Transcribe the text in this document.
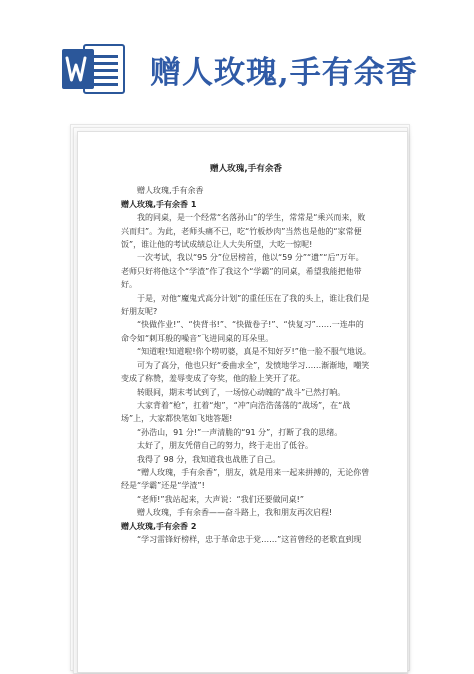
赠人玫瑰,手有余香
赠人玫瑰,手有余香

赠人玫瑰,手有余香

赠人玫瑰,手有余香 1

我的同桌，是一个经常“名落孙山”的学生，常常是“乘兴而来，败兴而归”。为此，老师头痛不已，吃“竹板炒肉”当然也是他的“家常便饭”，谁让他的考试成绩总让人大失所望，大吃一惊呢!

一次考试，我以“95 分”位居榜首，他以“59 分”“遗”“后”万年。老师只好将他这个“学渣”作了我这个“学霸”的同桌，希望我能把他带好。

于是，对他“魔鬼式高分计划”的重任压在了我的头上，谁让我们是好朋友呢?

“快做作业!”、“快背书!”、“快做卷子!”、“快复习”……一连串的命令如“刺耳般的噪音”飞进同桌的耳朵里。

“知道啦!知道啦!你个唠叨婆，真是不知好歹!”他一脸不服气地说。

可为了高分，他也只好“委曲求全”，发愤地学习……渐渐地，嘲笑变成了称赞，羞辱变成了夸奖，他的脸上笑开了花。

转眼间，期末考试到了，一场惊心动魄的“战斗”已然打响。

大家背着“枪”，扛着“炮”，“冲”向浩浩荡荡的“战场”，在“战场”上，大家都快笔如飞地答题!

“孙浩山，91 分!”一声清脆的“91 分”，打断了我的思绪。

太好了，朋友凭借自己的努力，终于走出了低谷。

我得了 98 分，我知道我也战胜了自己。

“赠人玫瑰，手有余香”，朋友，就是用来一起来拼搏的，无论你曾经是“学霸”还是“学渣”!

“老师!”我站起来，大声说：“我们还要做同桌!”

赠人玫瑰，手有余香——奋斗路上，我和朋友再次启程!

赠人玫瑰,手有余香 2

“学习雷锋好榜样，忠于革命忠于党……”这首曾经的老歌直到现
